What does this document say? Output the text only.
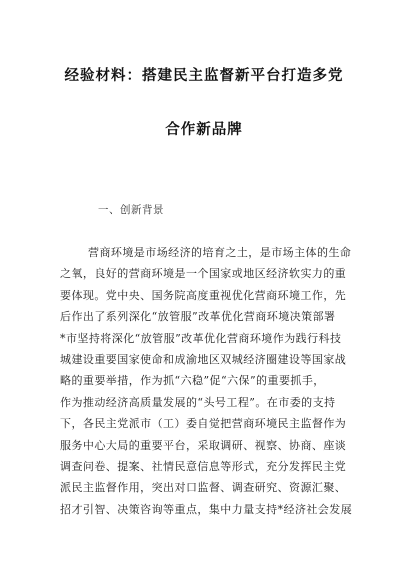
经验材料：搭建民主监督新平台打造多党
合作新品牌

一、创新背景

营商环境是市场经济的培育之土，是市场主体的生命
之氧，良好的营商环境是一个国家或地区经济软实力的重
要体现。党中央、国务院高度重视优化营商环境工作，先
后作出了系列深化“放管服”改革优化营商环境决策部署
*市坚持将深化“放管服”改革优化营商环境作为践行科技
城建设重要国家使命和成渝地区双城经济圈建设等国家战
略的重要举措，作为抓“六稳”促“六保”的重要抓手，
作为推动经济高质量发展的“头号工程”。在市委的支持
下，各民主党派市（工）委自觉把营商环境民主监督作为
服务中心大局的重要平台，采取调研、视察、协商、座谈
调查问卷、提案、社情民意信息等形式，充分发挥民主党
派民主监督作用，突出对口监督、调查研究、资源汇聚、
招才引智、决策咨询等重点，集中力量支持*经济社会发展
